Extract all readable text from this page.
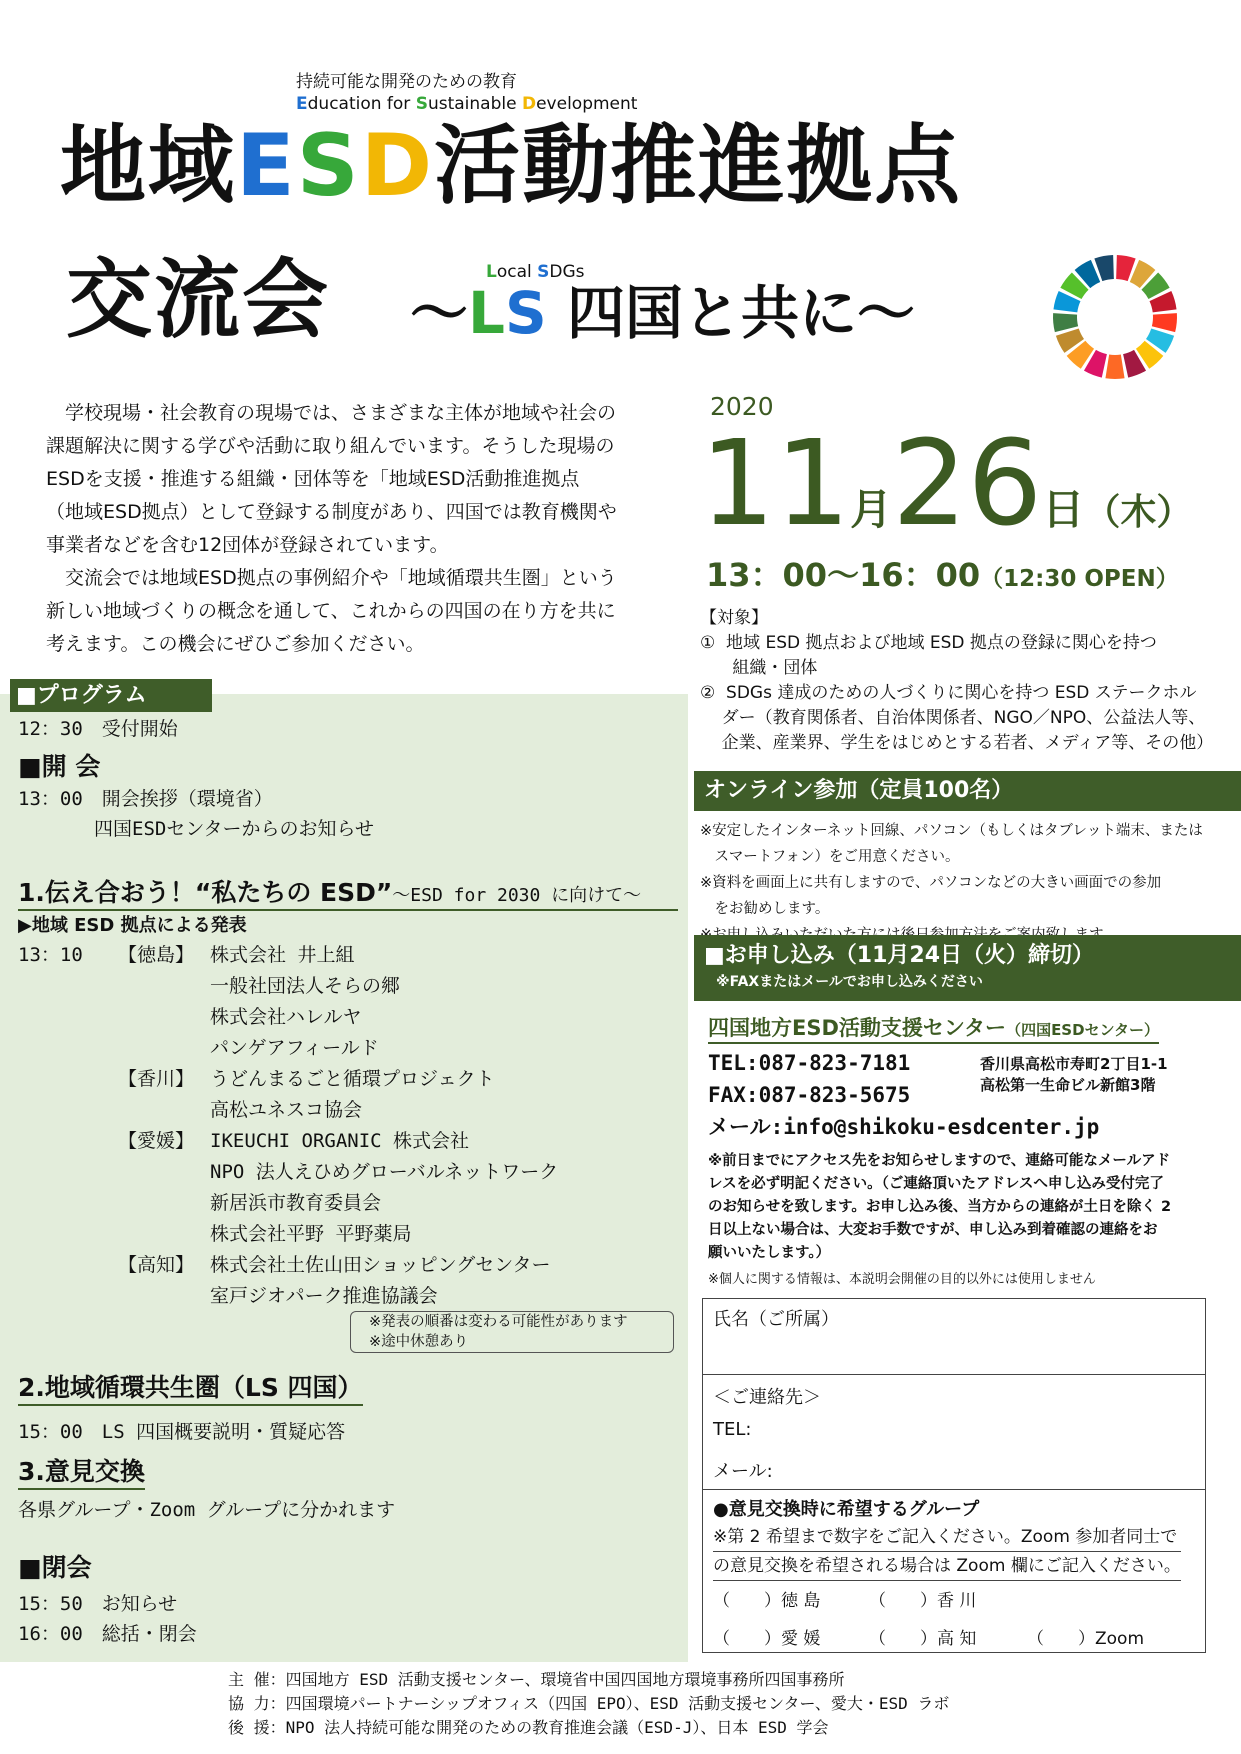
持続可能な開発のための教育
Education for Sustainable Development
地域ESD活動推進拠点
交流会	Local SDGs
～LS 四国と共に～
　学校現場・社会教育の現場では、さまざまな主体が地域や社会の
課題解決に関する学びや活動に取り組んでいます。そうした現場の
ESDを支援・推進する組織・団体等を「地域ESD活動推進拠点
（地域ESD拠点）として登録する制度があり、四国では教育機関や
事業者などを含む12団体が登録されています。
　交流会では地域ESD拠点の事例紹介や「地域循環共生圏」という
新しい地域づくりの概念を通して、これからの四国の在り方を共に
考えます。この機会にぜひご参加ください。
2020
11月26日（木）
13：00～16：00（12:30 OPEN）
【対象】
①  地域 ESD 拠点および地域 ESD 拠点の登録に関心を持つ
組織・団体
②  SDGs 達成のための人づくりに関心を持つ ESD ステークホル
ダー（教育関係者、自治体関係者、NGO／NPO、公益法人等、
企業、産業界、学生をはじめとする若者、メディア等、その他）
オンライン参加（定員100名）
※安定したインターネット回線、パソコン（もしくはタブレット端末、または
　スマートフォン）をご用意ください。
※資料を画面上に共有しますので、パソコンなどの大きい画面での参加
　をお勧めします。
■お申し込み（11月24日（火）締切）
※FAXまたはメールでお申し込みください
四国地方ESD活動支援センター（四国ESDセンター）
TEL:087-823-7181
FAX:087-823-5675
メール:info@shikoku-esdcenter.jp
香川県高松市寿町2丁目1-1
高松第一生命ビル新館3階
※前日までにアクセス先をお知らせしますので、連絡可能なメールアド
レスを必ず明記ください。（ご連絡頂いたアドレスへ申し込み受付完了
のお知らせを致します。お申し込み後、当方からの連絡が土日を除く 2
日以上ない場合は、大変お手数ですが、申し込み到着確認の連絡をお
願いいたします。）
※個人に関する情報は、本説明会開催の目的以外には使用しません
氏名（ご所属）
＜ご連絡先＞
TEL:
メール:
●意見交換時に希望するグループ
※第 2 希望まで数字をご記入ください。Zoom 参加者同士で
の意見交換を希望される場合は Zoom 欄にご記入ください。
（　　）徳 島	（　　）香 川
（　　）愛 媛	（　　）高 知	（　　）Zoom
■プログラム
12：30　受付開始
■開 会
13：00　開会挨拶（環境省）
　　　　四国ESDセンターからのお知らせ
1.伝え合おう！“私たちの ESD”～ESD for 2030 に向けて～
▶地域 ESD 拠点による発表
13：10 【徳島】 株式会社 井上組
一般社団法人そらの郷
株式会社ハレルヤ
パンゲアフィールド
【香川】 うどんまるごと循環プロジェクト
高松ユネスコ協会
【愛媛】 IKEUCHI ORGANIC 株式会社
NPO 法人えひめグローバルネットワーク
新居浜市教育委員会
株式会社平野 平野薬局
【高知】 株式会社土佐山田ショッピングセンター
室戸ジオパーク推進協議会
※発表の順番は変わる可能性があります
※途中休憩あり
2.地域循環共生圏（LS 四国）
15：00　LS 四国概要説明・質疑応答
3.意見交換
各県グループ・Zoom グループに分かれます
■閉会
15：50　お知らせ
16：00　総括・閉会
主 催：四国地方 ESD 活動支援センター、環境省中国四国地方環境事務所四国事務所
協 力：四国環境パートナーシップオフィス（四国 EPO）、ESD 活動支援センター、愛大・ESD ラボ
後 援：NPO 法人持続可能な開発のための教育推進会議（ESD-J）、日本 ESD 学会
